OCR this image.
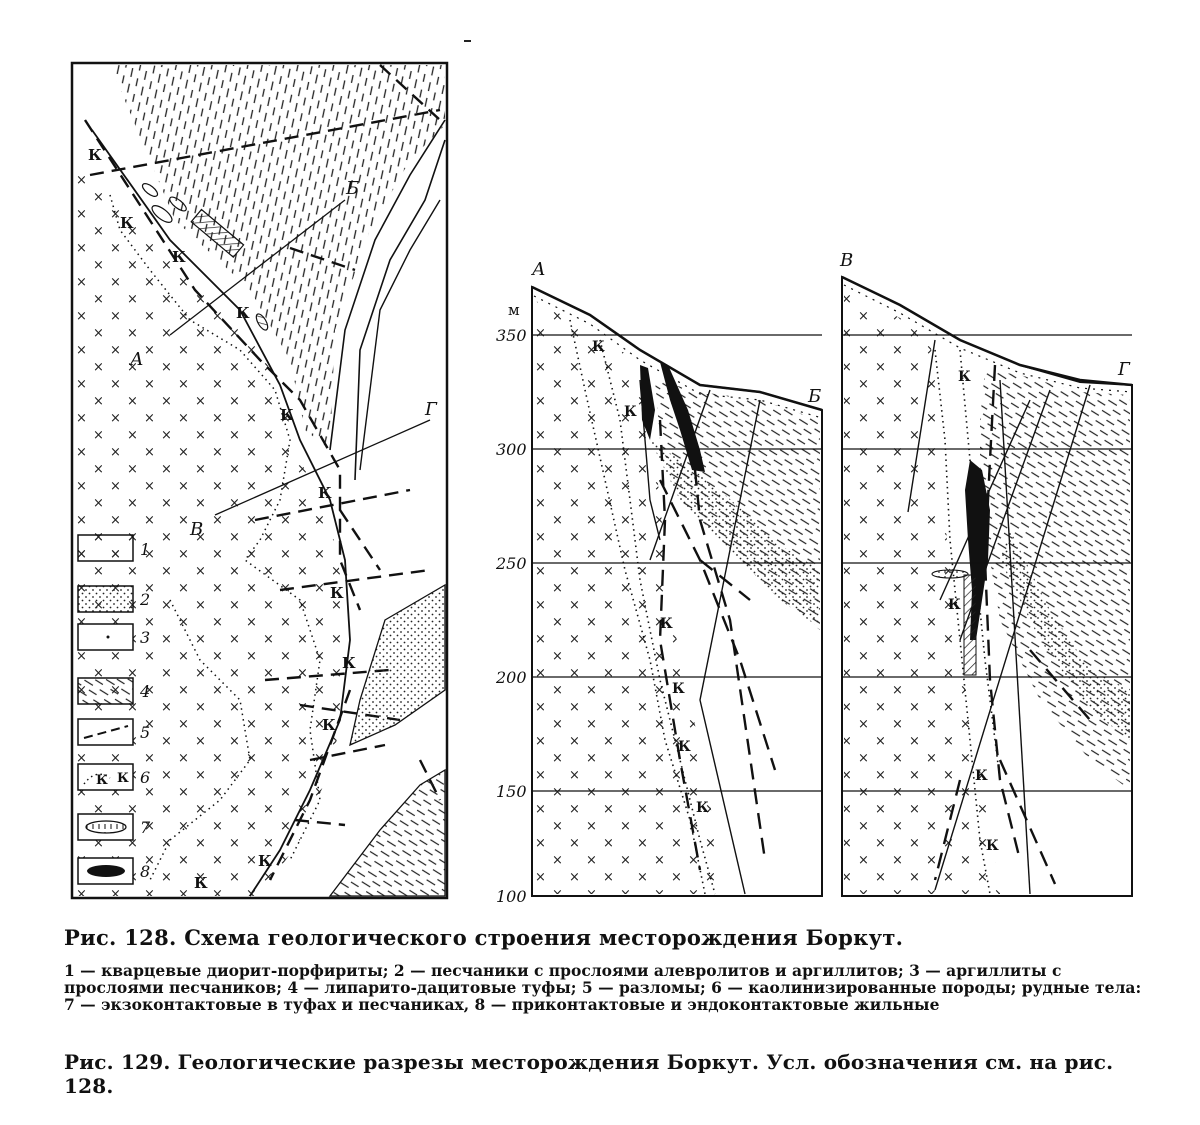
К
К
К
К
К
К
К
К
К
К
К
Б
А
Г
В
К К
1
2
3
4
5
6
7
8
К
К
К
К
К
К
К
К
К
К
350
300
250
200
150
100
А
Б
В
Г
м
Рис. 128. Схема геологического строения месторождения Боркут.
1 — кварцевые диорит-порфириты; 2 — песчаники с прослоями алевролитов и аргиллитов; 3 — аргиллиты с прослоями песчаников; 4 — липарито-дацитовые туфы; 5 — разломы; 6 — каолинизированные породы; рудные тела: 7 — экзоконтактовые в туфах и песчаниках, 8 — приконтактовые и эндоконтактовые жильные
Рис. 129. Геологические разрезы месторождения Боркут. Усл. обозначения см. на рис. 128.
